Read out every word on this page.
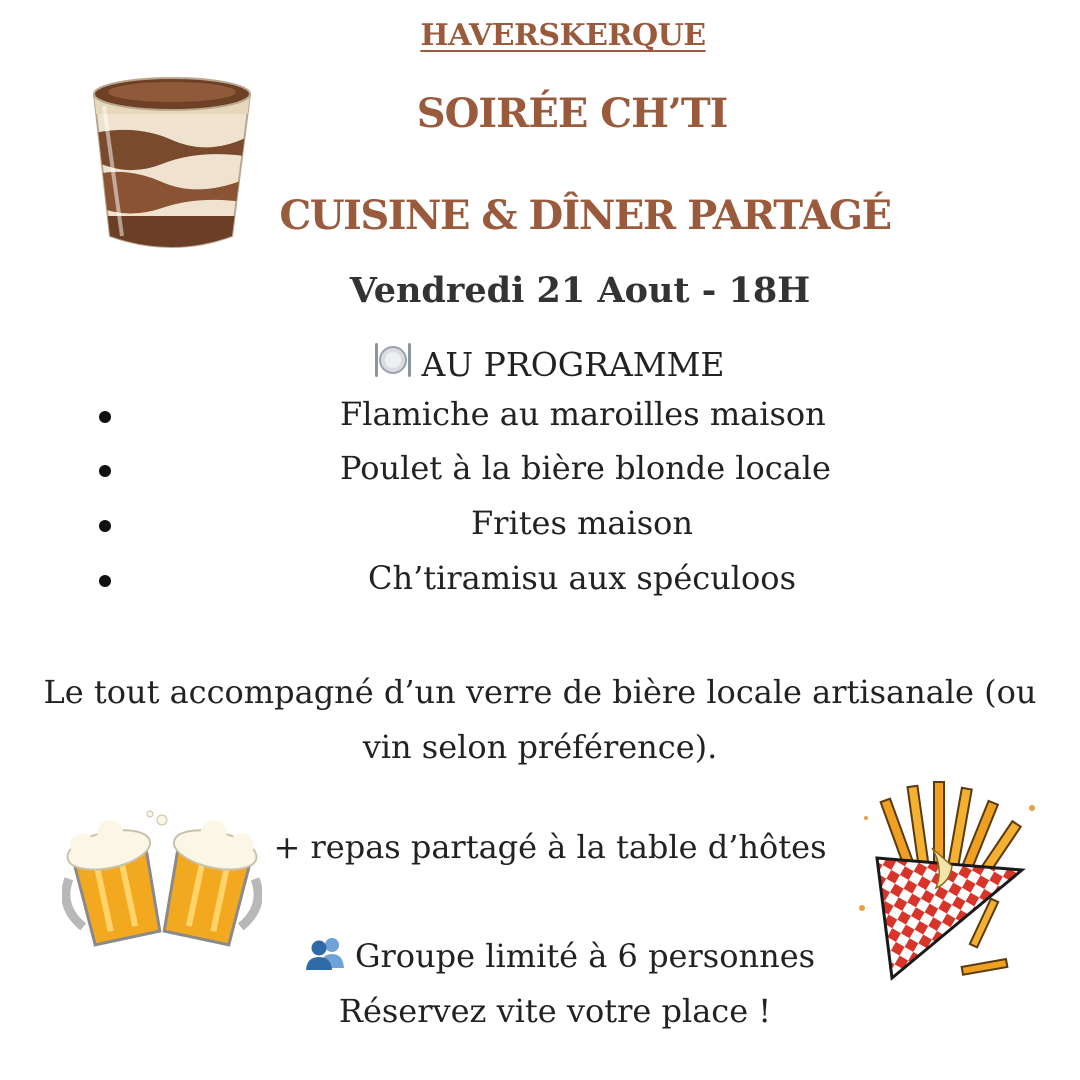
HAVERSKERQUE
SOIRÉE CH’TI
CUISINE & DÎNER PARTAGÉ
Vendredi 21 Aout - 18H
AU PROGRAMME
Flamiche au maroilles maison
Poulet à la bière blonde locale
Frites maison
Ch’tiramisu aux spéculoos
Le tout accompagné d’un verre de bière locale artisanale (ou vin selon préférence).
+ repas partagé à la table d’hôtes
Groupe limité à 6 personnes
Réservez vite votre place !
